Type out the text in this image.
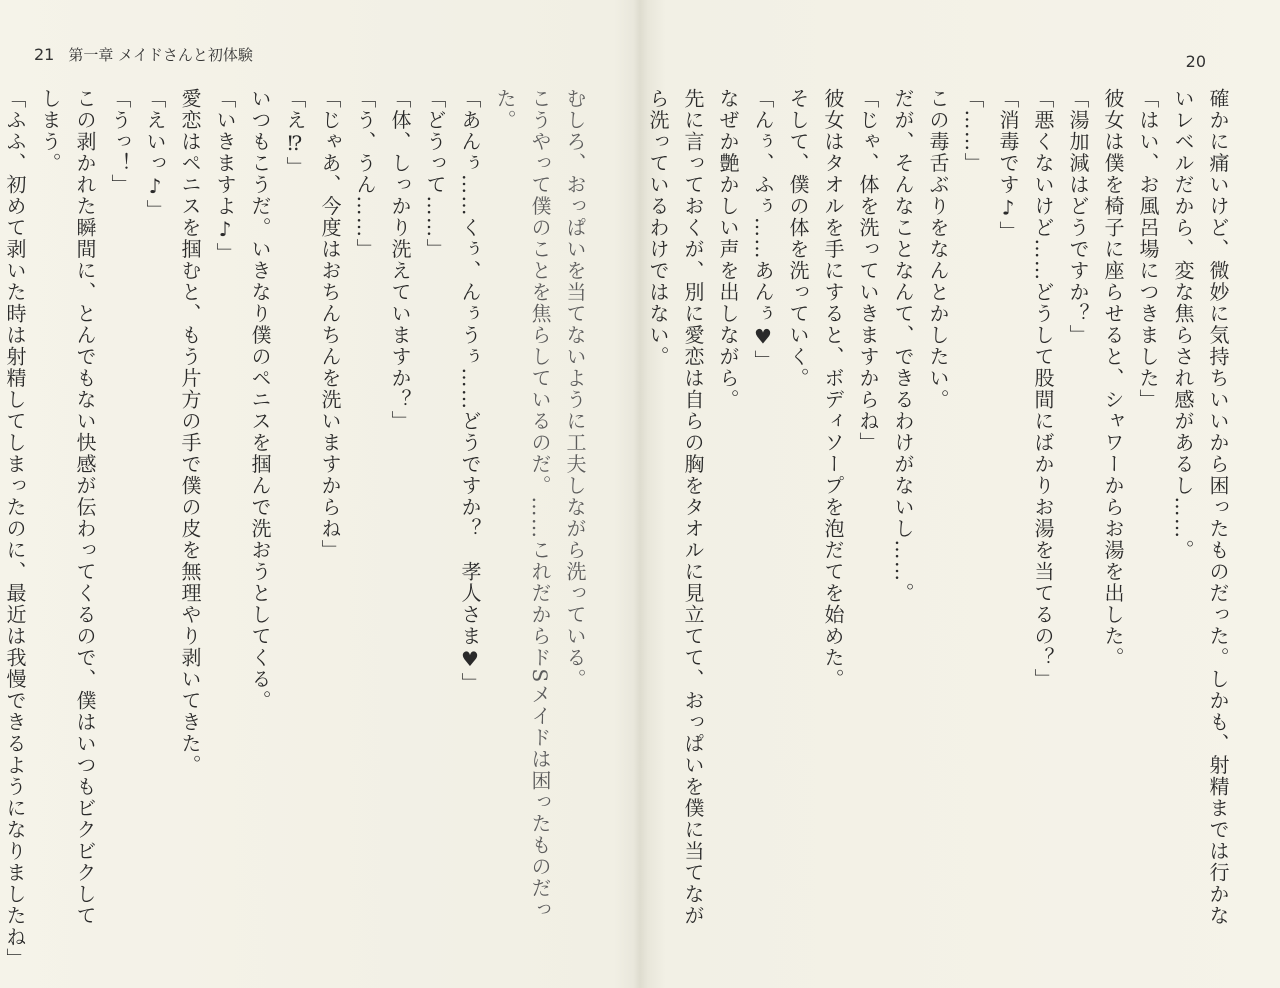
21 第一章 メイドさんと初体験
むしろ、おっぱいを当てないように工夫しながら洗っている。
こうやって僕のことを焦らしているのだ。……これだからドSメイドは困ったものだっ
た。
「あんぅ……くぅ、んぅうぅ……どうですか？　孝人さま♥」
「どうって……」
「体、しっかり洗えていますか？」
「う、うん……」
「じゃあ、今度はおちんちんを洗いますからね」
「え⁉」
いつもこうだ。いきなり僕のペニスを掴んで洗おうとしてくる。
「いきますよ♪」
愛恋はペニスを掴むと、もう片方の手で僕の皮を無理やり剥いてきた。
「えいっ♪」
「うっ！」
この剥かれた瞬間に、とんでもない快感が伝わってくるので、僕はいつもビクビクして
しまう。
「ふふ、初めて剥いた時は射精してしまったのに、最近は我慢できるようになりましたね」
20
確かに痛いけど、微妙に気持ちいいから困ったものだった。しかも、射精までは行かな
いレベルだから、変な焦らされ感があるし……。
「はい、お風呂場につきました」
彼女は僕を椅子に座らせると、シャワーからお湯を出した。
「湯加減はどうですか？」
「悪くないけど……どうして股間にばかりお湯を当てるの？」
「消毒です♪」
「……」
この毒舌ぶりをなんとかしたい。
だが、そんなことなんて、できるわけがないし……。
「じゃ、体を洗っていきますからね」
彼女はタオルを手にすると、ボディソープを泡だてを始めた。
そして、僕の体を洗っていく。
「んぅ、ふぅ……あんぅ♥」
なぜか艶かしい声を出しながら。
先に言っておくが、別に愛恋は自らの胸をタオルに見立てて、おっぱいを僕に当てなが
ら洗っているわけではない。
